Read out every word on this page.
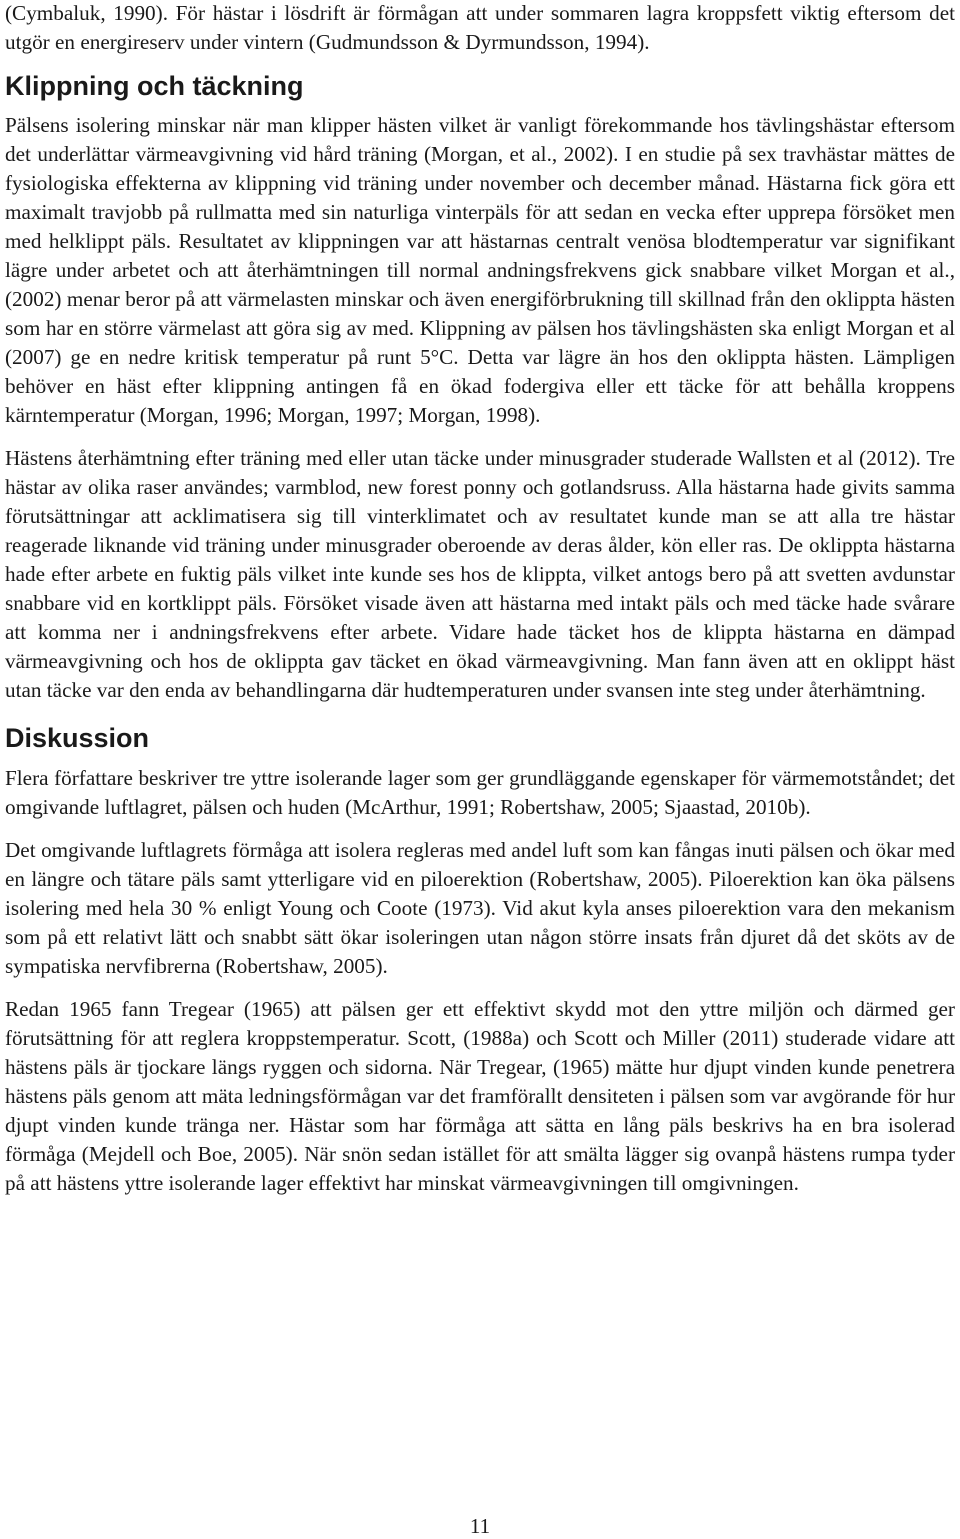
(Cymbaluk, 1990). För hästar i lösdrift är förmågan att under sommaren lagra kroppsfett viktig eftersom det utgör en energireserv under vintern (Gudmundsson & Dyrmundsson, 1994).

Klippning och täckning

Pälsens isolering minskar när man klipper hästen vilket är vanligt förekommande hos tävlingshästar eftersom det underlättar värmeavgivning vid hård träning (Morgan, et al., 2002). I en studie på sex travhästar mättes de fysiologiska effekterna av klippning vid träning under november och december månad. Hästarna fick göra ett maximalt travjobb på rullmatta med sin naturliga vinterpäls för att sedan en vecka efter upprepa försöket men med helklippt päls. Resultatet av klippningen var att hästarnas centralt venösa blodtemperatur var signifikant lägre under arbetet och att återhämtningen till normal andningsfrekvens gick snabbare vilket Morgan et al., (2002) menar beror på att värmelasten minskar och även energiförbrukning till skillnad från den oklippta hästen som har en större värmelast att göra sig av med. Klippning av pälsen hos tävlingshästen ska enligt Morgan et al (2007) ge en nedre kritisk temperatur på runt 5°C. Detta var lägre än hos den oklippta hästen. Lämpligen behöver en häst efter klippning antingen få en ökad fodergiva eller ett täcke för att behålla kroppens kärntemperatur (Morgan, 1996; Morgan, 1997; Morgan, 1998).

Hästens återhämtning efter träning med eller utan täcke under minusgrader studerade Wallsten et al (2012). Tre hästar av olika raser användes; varmblod, new forest ponny och gotlandsruss. Alla hästarna hade givits samma förutsättningar att acklimatisera sig till vinterklimatet och av resultatet kunde man se att alla tre hästar reagerade liknande vid träning under minusgrader oberoende av deras ålder, kön eller ras. De oklippta hästarna hade efter arbete en fuktig päls vilket inte kunde ses hos de klippta, vilket antogs bero på att svetten avdunstar snabbare vid en kortklippt päls. Försöket visade även att hästarna med intakt päls och med täcke hade svårare att komma ner i andningsfrekvens efter arbete. Vidare hade täcket hos de klippta hästarna en dämpad värmeavgivning och hos de oklippta gav täcket en ökad värmeavgivning. Man fann även att en oklippt häst utan täcke var den enda av behandlingarna där hudtemperaturen under svansen inte steg under återhämtning.

Diskussion

Flera författare beskriver tre yttre isolerande lager som ger grundläggande egenskaper för värmemotståndet; det omgivande luftlagret, pälsen och huden (McArthur, 1991; Robertshaw, 2005; Sjaastad, 2010b).

Det omgivande luftlagrets förmåga att isolera regleras med andel luft som kan fångas inuti pälsen och ökar med en längre och tätare päls samt ytterligare vid en piloerektion (Robertshaw, 2005). Piloerektion kan öka pälsens isolering med hela 30 % enligt Young och Coote (1973). Vid akut kyla anses piloerektion vara den mekanism som på ett relativt lätt och snabbt sätt ökar isoleringen utan någon större insats från djuret då det sköts av de sympatiska nervfibrerna (Robertshaw, 2005).

Redan 1965 fann Tregear (1965) att pälsen ger ett effektivt skydd mot den yttre miljön och därmed ger förutsättning för att reglera kroppstemperatur. Scott, (1988a) och Scott och Miller (2011) studerade vidare att hästens päls är tjockare längs ryggen och sidorna. När Tregear, (1965) mätte hur djupt vinden kunde penetrera hästens päls genom att mäta ledningsförmågan var det framförallt densiteten i pälsen som var avgörande för hur djupt vinden kunde tränga ner. Hästar som har förmåga att sätta en lång päls beskrivs ha en bra isolerad förmåga (Mejdell och Boe, 2005). När snön sedan istället för att smälta lägger sig ovanpå hästens rumpa tyder på att hästens yttre isolerande lager effektivt har minskat värmeavgivningen till omgivningen.

11
